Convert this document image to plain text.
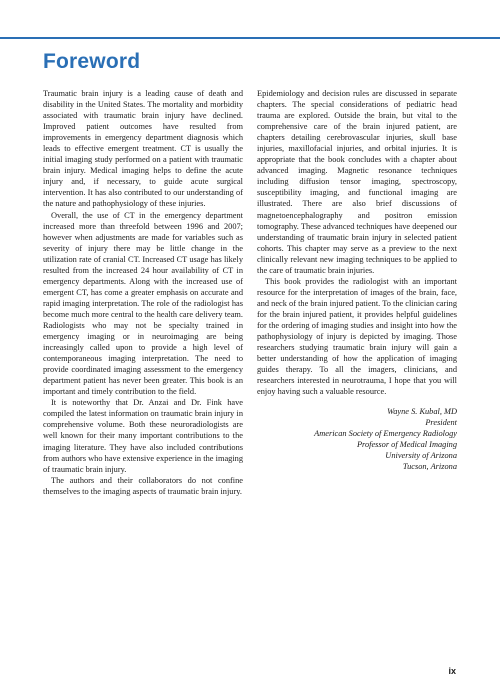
Foreword

Traumatic brain injury is a leading cause of death and disability in the United States. The mortality and morbidity associated with traumatic brain injury have declined. Improved patient outcomes have resulted from improvements in emergency department diagnosis which leads to effective emergent treatment. CT is usually the initial imaging study performed on a patient with traumatic brain injury. Medical imaging helps to define the acute injury and, if necessary, to guide acute surgical intervention. It has also contributed to our understanding of the nature and pathophysiology of these injuries.

Overall, the use of CT in the emergency department increased more than threefold between 1996 and 2007; however when adjustments are made for variables such as severity of injury there may be little change in the utilization rate of cranial CT. Increased CT usage has likely resulted from the increased 24 hour availability of CT in emergency departments. Along with the increased use of emergent CT, has come a greater emphasis on accurate and rapid imaging interpretation. The role of the radiologist has become much more central to the health care delivery team. Radiologists who may not be specialty trained in emergency imaging or in neuroimaging are being increasingly called upon to provide a high level of contemporaneous imaging interpretation. The need to provide coordinated imaging assessment to the emergency department patient has never been greater. This book is an important and timely contribution to the field.

It is noteworthy that Dr. Anzai and Dr. Fink have compiled the latest information on traumatic brain injury in comprehensive volume. Both these neuroradiologists are well known for their many important contributions to the imaging literature. They have also included contributions from authors who have extensive experience in the imaging of traumatic brain injury.

The authors and their collaborators do not confine themselves to the imaging aspects of traumatic brain injury.

Epidemiology and decision rules are discussed in separate chapters. The special considerations of pediatric head trauma are explored. Outside the brain, but vital to the comprehensive care of the brain injured patient, are chapters detailing cerebrovascular injuries, skull base injuries, maxillofacial injuries, and orbital injuries. It is appropriate that the book concludes with a chapter about advanced imaging. Magnetic resonance techniques including diffusion tensor imaging, spectroscopy, susceptibility imaging, and functional imaging are illustrated. There are also brief discussions of magnetoencephalography and positron emission tomography. These advanced techniques have deepened our understanding of traumatic brain injury in selected patient cohorts. This chapter may serve as a preview to the next clinically relevant new imaging techniques to be applied to the care of traumatic brain injuries.

This book provides the radiologist with an important resource for the interpretation of images of the brain, face, and neck of the brain injured patient. To the clinician caring for the brain injured patient, it provides helpful guidelines for the ordering of imaging studies and insight into how the pathophysiology of injury is depicted by imaging. Those researchers studying traumatic brain injury will gain a better understanding of how the application of imaging guides therapy. To all the imagers, clinicians, and researchers interested in neurotrauma, I hope that you will enjoy having such a valuable resource.

Wayne S. Kubal, MD
President
American Society of Emergency Radiology
Professor of Medical Imaging
University of Arizona
Tucson, Arizona
ix
